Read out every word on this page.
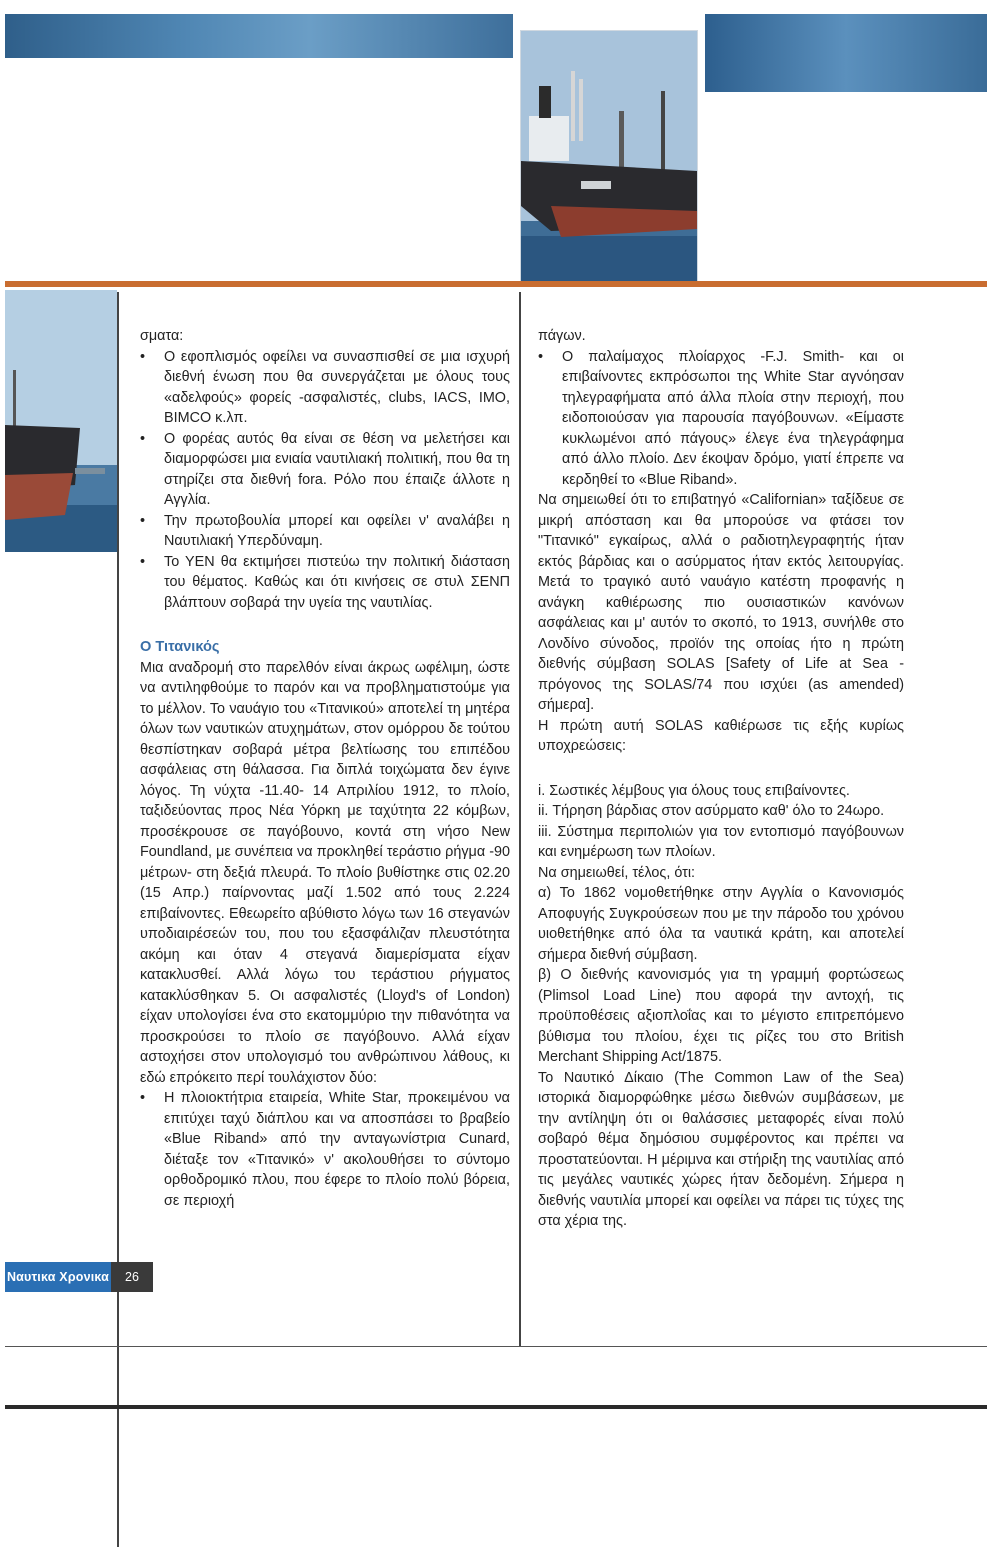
σματα:

• Ο εφοπλισμός οφείλει να συνασπισθεί σε μια ισχυρή διεθνή ένωση που θα συνεργάζεται με όλους τους «αδελφούς» φορείς -ασφαλιστές, clubs, IACS, IMO, BIMCO κ.λπ.

• Ο φορέας αυτός θα είναι σε θέση να μελετήσει και διαμορφώσει μια ενιαία ναυτιλιακή πολιτική, που θα τη στηρίζει στα διεθνή fora. Ρόλο που έπαιζε άλλοτε η Αγγλία.

• Την πρωτοβουλία μπορεί και οφείλει ν' αναλάβει η Ναυτιλιακή Υπερδύναμη.

• Το ΥΕΝ θα εκτιμήσει πιστεύω την πολιτική διάσταση του θέματος. Καθώς και ότι κινήσεις σε στυλ ΣΕΝΠ βλάπτουν σοβαρά την υγεία της ναυτιλίας.

Ο Τιτανικός

Μια αναδρομή στο παρελθόν είναι άκρως ωφέλιμη, ώστε να αντιληφθούμε το παρόν και να προβληματιστούμε για το μέλλον. Το ναυάγιο του «Τιτανικού» αποτελεί τη μητέρα όλων των ναυτικών ατυχημάτων, στον ομόρρου δε τούτου θεσπίστηκαν σοβαρά μέτρα βελτίωσης του επιπέδου ασφάλειας στη θάλασσα. Για διπλά τοιχώματα δεν έγινε λόγος. Τη νύχτα -11.40- 14 Απριλίου 1912, το πλοίο, ταξιδεύοντας προς Νέα Υόρκη με ταχύτητα 22 κόμβων, προσέκρουσε σε παγόβουνο, κοντά στη νήσο New Foundland, με συνέπεια να προκληθεί τεράστιο ρήγμα -90 μέτρων- στη δεξιά πλευρά. Το πλοίο βυθίστηκε στις 02.20 (15 Απρ.) παίρνοντας μαζί 1.502 από τους 2.224 επιβαίνοντες. Εθεωρείτο αβύθιστο λόγω των 16 στεγανών υποδιαιρέσεών του, που του εξασφάλιζαν πλευστότητα ακόμη και όταν 4 στεγανά διαμερίσματα είχαν κατακλυσθεί. Αλλά λόγω του τεράστιου ρήγματος κατακλύσθηκαν 5. Οι ασφαλιστές (Lloyd's of London) είχαν υπολογίσει ένα στο εκατομμύριο την πιθανότητα να προσκρούσει το πλοίο σε παγόβουνο. Αλλά είχαν αστοχήσει στον υπολογισμό του ανθρώπινου λάθους, κι εδώ επρόκειτο περί τουλάχιστον δύο:

• Η πλοιοκτήτρια εταιρεία, White Star, προκειμένου να επιτύχει ταχύ διάπλου και να αποσπάσει το βραβείο «Blue Riband» από την ανταγωνίστρια Cunard, διέταξε τον «Τιτανικό» ν' ακολουθήσει το σύντομο ορθοδρομικό πλου, που έφερε το πλοίο πολύ βόρεια, σε περιοχή

πάγων.

• Ο παλαίμαχος πλοίαρχος -F.J. Smith- και οι επιβαίνοντες εκπρόσωποι της White Star αγνόησαν τηλεγραφήματα από άλλα πλοία στην περιοχή, που ειδοποιούσαν για παρουσία παγόβουνων. «Είμαστε κυκλωμένοι από πάγους» έλεγε ένα τηλεγράφημα από άλλο πλοίο. Δεν έκοψαν δρόμο, γιατί έπρεπε να κερδηθεί το «Blue Riband».

Να σημειωθεί ότι το επιβατηγό «Californian» ταξίδευε σε μικρή απόσταση και θα μπορούσε να φτάσει τον "Τιτανικό" εγκαίρως, αλλά ο ραδιοτηλεγραφητής ήταν εκτός βάρδιας και ο ασύρματος ήταν εκτός λειτουργίας. Μετά το τραγικό αυτό ναυάγιο κατέστη προφανής η ανάγκη καθιέρωσης πιο ουσιαστικών κανόνων ασφάλειας και μ' αυτόν το σκοπό, το 1913, συνήλθε στο Λονδίνο σύνοδος, προϊόν της οποίας ήτο η πρώτη διεθνής σύμβαση SOLAS [Safety of Life at Sea - πρόγονος της SOLAS/74 που ισχύει (as amended) σήμερα].

Η πρώτη αυτή SOLAS καθιέρωσε τις εξής κυρίως υποχρεώσεις:

i. Σωστικές λέμβους για όλους τους επιβαίνοντες.

ii. Τήρηση βάρδιας στον ασύρματο καθ' όλο το 24ωρο.

iii. Σύστημα περιπολιών για τον εντοπισμό παγόβουνων και ενημέρωση των πλοίων.

Να σημειωθεί, τέλος, ότι:

α) Το 1862 νομοθετήθηκε στην Αγγλία ο Κανονισμός Αποφυγής Συγκρούσεων που με την πάροδο του χρόνου υιοθετήθηκε από όλα τα ναυτικά κράτη, και αποτελεί σήμερα διεθνή σύμβαση.

β) Ο διεθνής κανονισμός για τη γραμμή φορτώσεως (Plimsol Load Line) που αφορά την αντοχή, τις προϋποθέσεις αξιοπλοΐας και το μέγιστο επιτρεπόμενο βύθισμα του πλοίου, έχει τις ρίζες του στο British Merchant Shipping Act/1875.

Το Ναυτικό Δίκαιο (The Common Law of the Sea) ιστορικά διαμορφώθηκε μέσω διεθνών συμβάσεων, με την αντίληψη ότι οι θαλάσσιες μεταφορές είναι πολύ σοβαρό θέμα δημόσιου συμφέροντος και πρέπει να προστατεύονται. Η μέριμνα και στήριξη της ναυτιλίας από τις μεγάλες ναυτικές χώρες ήταν δεδομένη. Σήμερα η διεθνής ναυτιλία μπορεί και οφείλει να πάρει τις τύχες της στα χέρια της.

Ναυτικα Χρονικα	26
